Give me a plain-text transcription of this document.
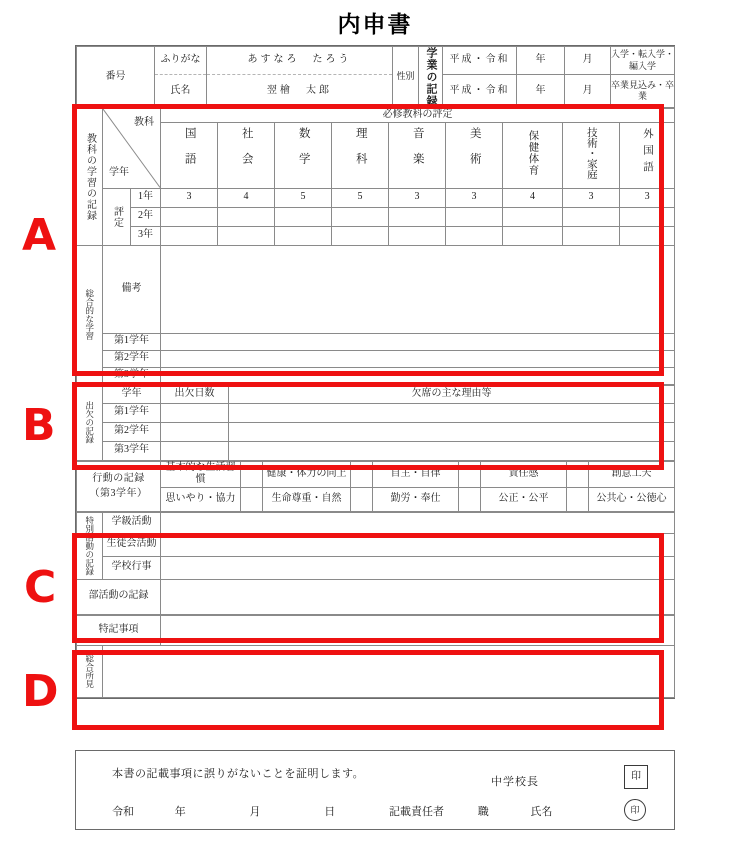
内申書
番号	ふりがな	あすなろ　たろう	性別	学業の記録	平成・令和	年	月	入学・転入学・編入学
	氏名	翌檜　太郎			平成・令和	年	月	卒業見込み・卒業
教科の学習の記録	教科
学年		必修教科の評定								
			国語	社会	数学	理科	音楽	美術	保健体育	技術・家庭	外国語

	評定	1年	3	4	5	5	3	3	4	3	3
		2年									
		3年									

総合的な学習	備考										
	第1学年										
	第2学年										
	第3学年										
出欠の記録	学年	出欠日数	欠席の主な理由等
	第1学年		
	第2学年		
	第3学年		
行動の記録
（第3学年）	基本的な生活習慣		健康・体力の向上		自主・自律		責任感		創意工夫	
	思いやり・協力		生命尊重・自然		勤労・奉仕		公正・公平		公共心・公徳心	
特別活動の記録	学級活動	
	生徒会活動	
	学校行事	
部活動の記録		
特記事項		

総合所見		

本書の記載事項に誤りがないことを証明します。
中学校長	印
印
令和	年	月	日	記載責任者	職	氏名
A
B
C
D
